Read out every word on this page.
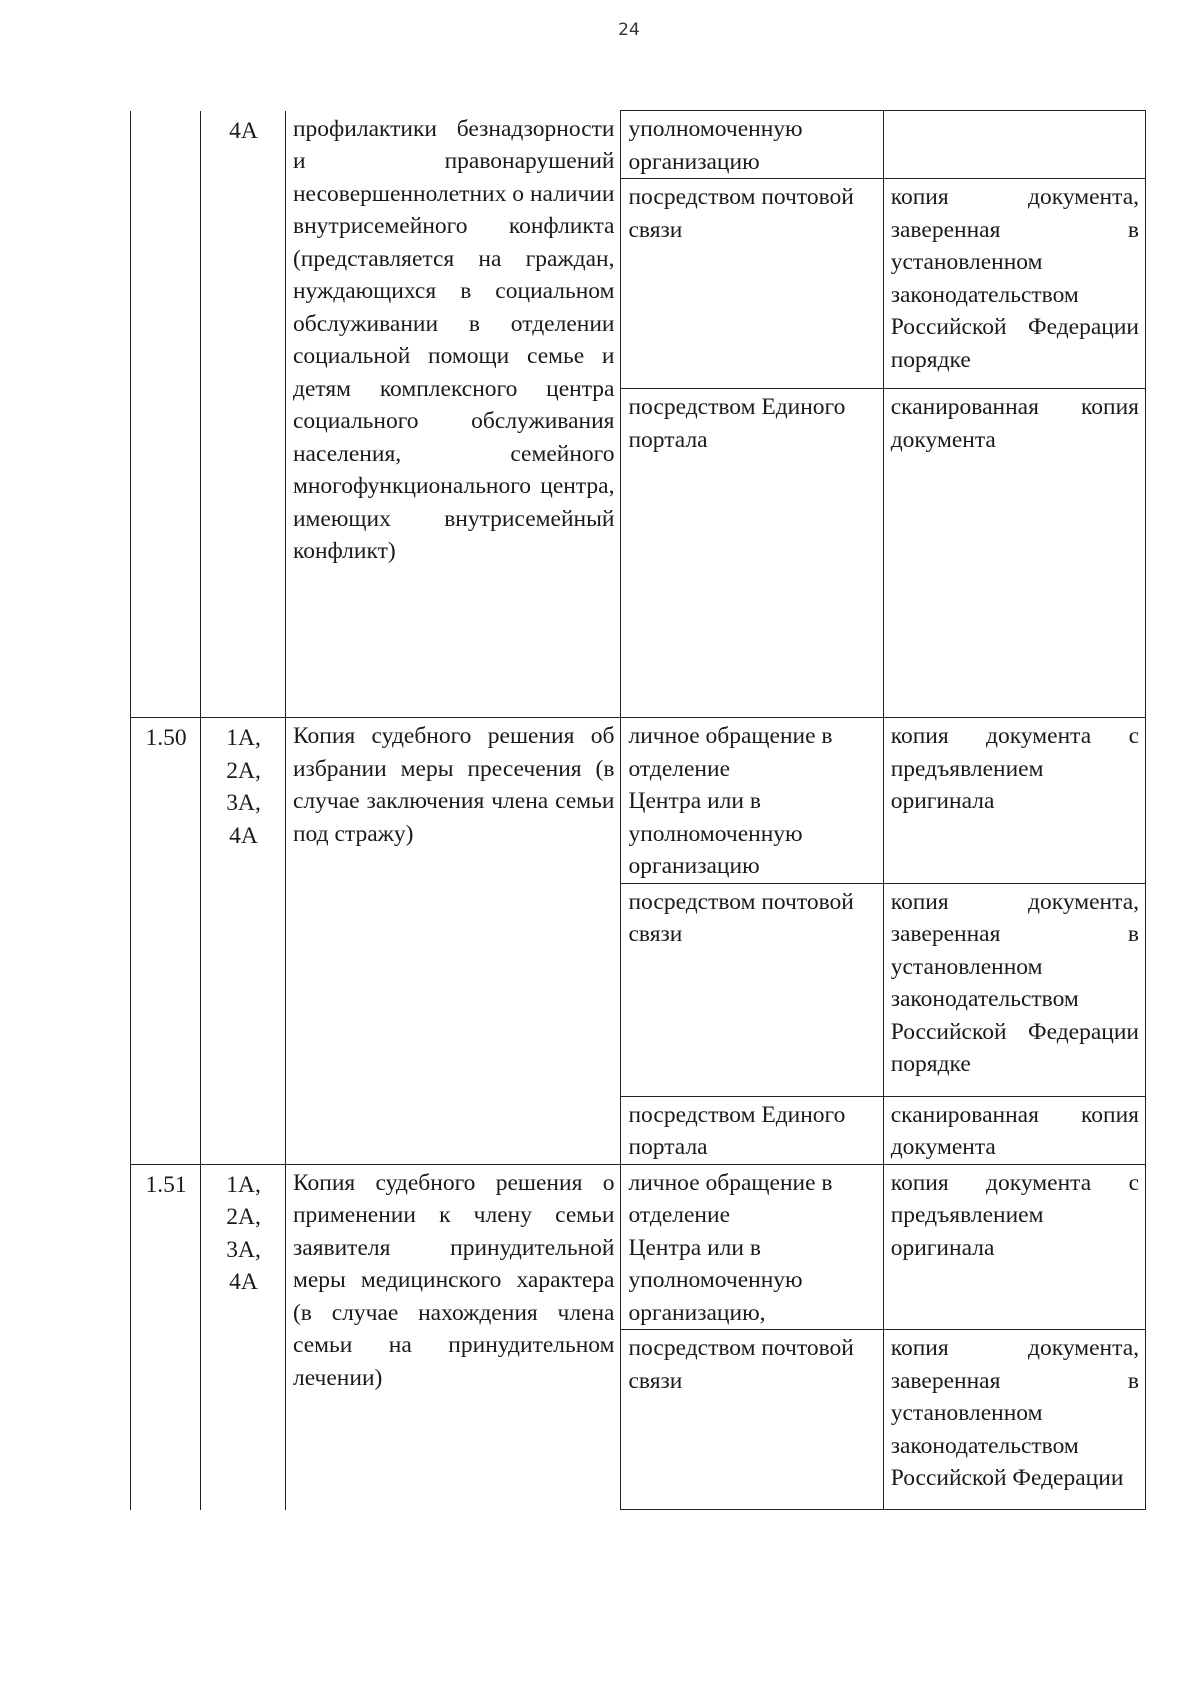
24
	4А	профилактики безнадзорности и правонарушений несовершеннолетних о наличии внутрисемейного конфликта (представляется на граждан, нуждающихся в социальном обслуживании в отделении социальной помощи семье и детям комплексного центра социального обслуживания населения, семейного многофункционального центра, имеющих внутрисемейный конфликт)	уполномоченную организацию	
			посредством почтовой связи	копия документа, заверенная в установленном законодательством Российской Федерации порядке
			посредством Единого портала	сканированная копия документа
1.50	1А,
2А,
3А,
4А	Копия судебного решения об избрании меры пресечения (в случае заключения члена семьи под стражу)	личное обращение в отделение
Центра или в уполномоченную организацию	копия документа с предъявлением оригинала
			посредством почтовой связи	копия документа, заверенная в установленном законодательством Российской Федерации порядке
			посредством Единого портала	сканированная копия документа
1.51	1А,
2А,
3А,
4А	Копия судебного решения о применении к члену семьи заявителя принудительной меры медицинского характера (в случае нахождения члена семьи на принудительном лечении)	личное обращение в отделение
Центра или в уполномоченную организацию,	копия документа с предъявлением оригинала
			посредством почтовой связи	копия документа, заверенная в установленном законодательством Российской Федерации
